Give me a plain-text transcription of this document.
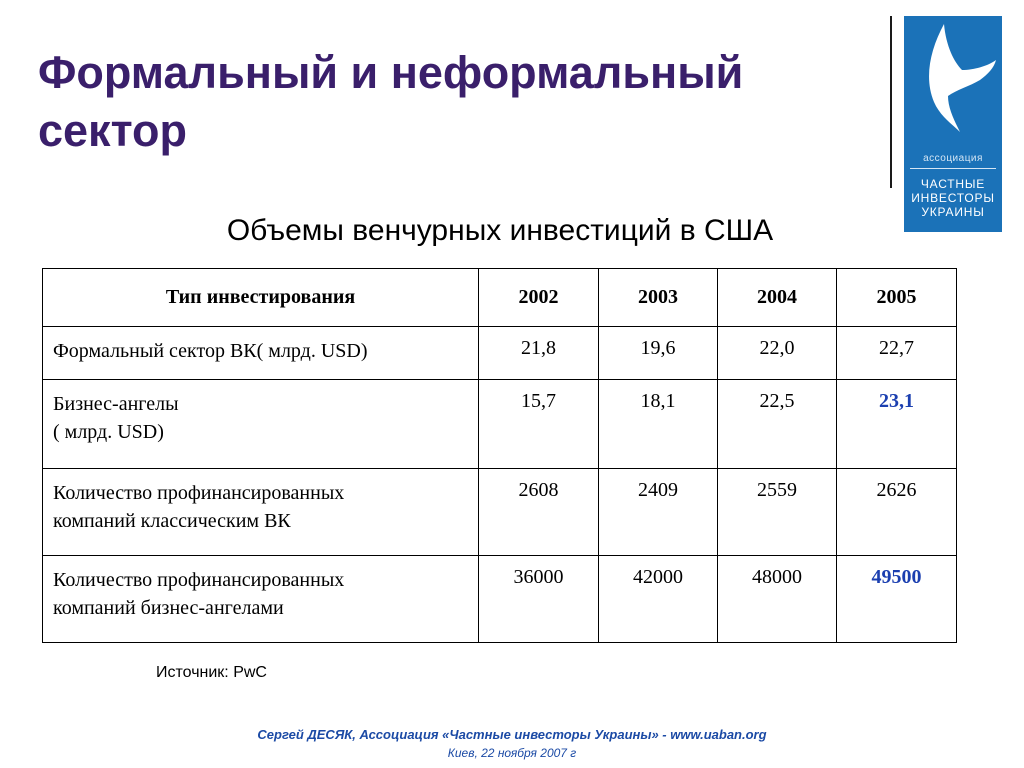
Формальный и неформальный
сектор
ассоциация
ЧАСТНЫЕ
ИНВЕСТОРЫ
УКРАИНЫ
Объемы венчурных инвестиций в США
Тип инвестирования	2002	2003	2004	2005
Формальный сектор ВК( млрд. USD)	21,8	19,6	22,0	22,7
Бизнес-ангелы
( млрд. USD)	15,7	18,1	22,5	23,1
Количество профинансированных
компаний классическим ВК	2608	2409	2559	2626
Количество профинансированных
компаний бизнес-ангелами	36000	42000	48000	49500
Источник: PwC
Сергей ДЕСЯК, Ассоциация «Частные инвесторы Украины» - www.uaban.org
Киев, 22 ноября 2007 г
